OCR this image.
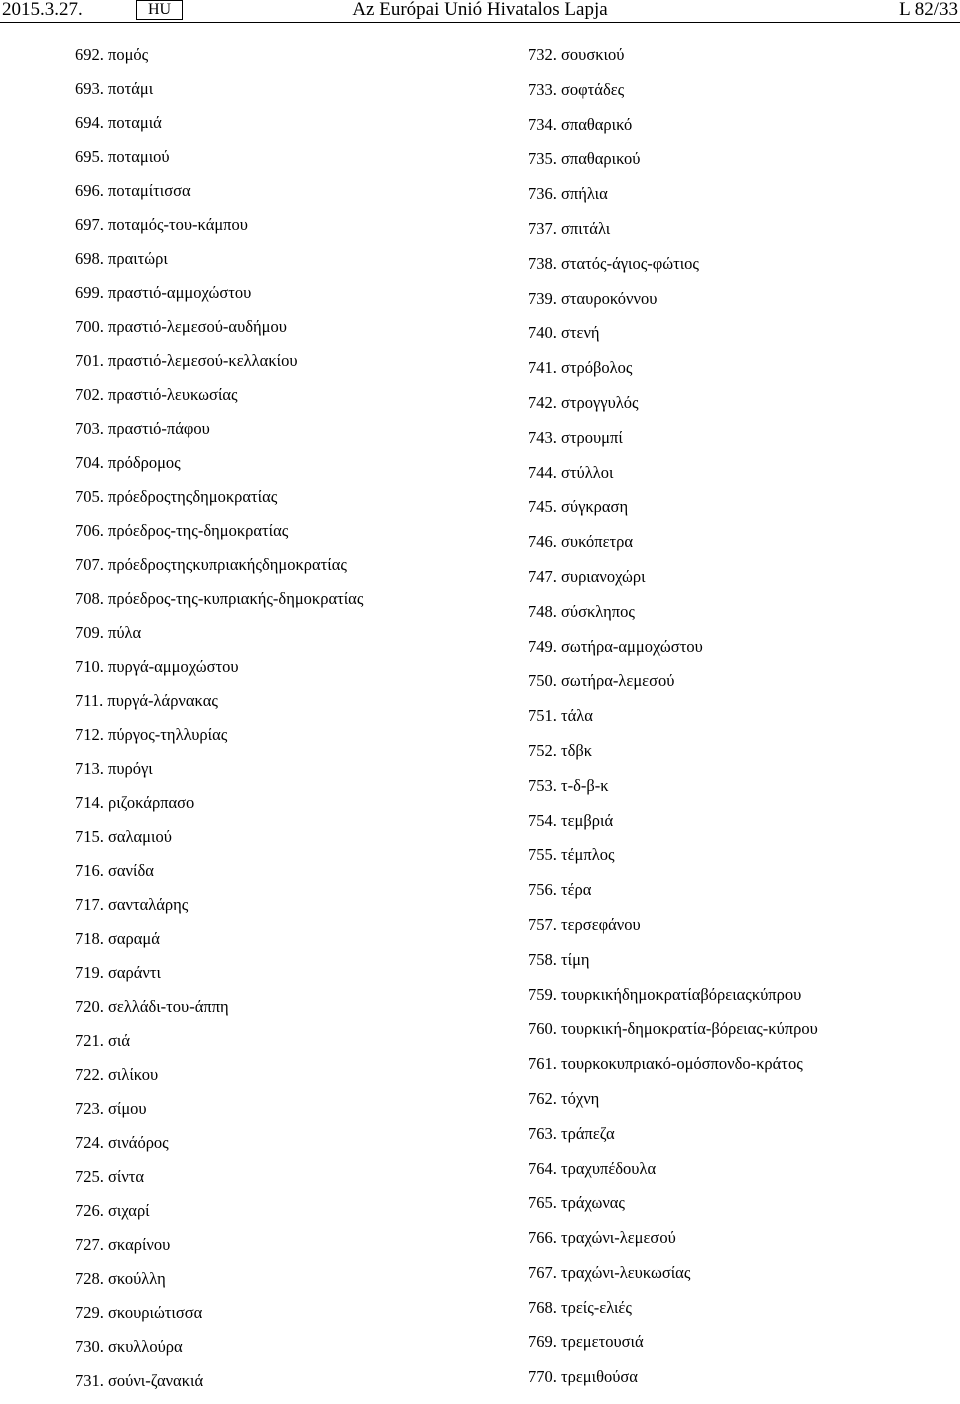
2015.3.27.	HU	Az Európai Unió Hivatalos Lapja	L 82/33
692. πομός
693. ποτάμι
694. ποταμιά
695. ποταμιού
696. ποταμίτισσα
697. ποταμός-του-κάμπου
698. πραιτώρι
699. πραστιό-αμμοχώστου
700. πραστιό-λεμεσού-αυδήμου
701. πραστιό-λεμεσού-κελλακίου
702. πραστιό-λευκωσίας
703. πραστιό-πάφου
704. πρόδρομος
705. πρόεδροςτηςδημοκρατίας
706. πρόεδρος-της-δημοκρατίας
707. πρόεδροςτηςκυπριακήςδημοκρατίας
708. πρόεδρος-της-κυπριακής-δημοκρατίας
709. πύλα
710. πυργά-αμμοχώστου
711. πυργά-λάρνακας
712. πύργος-τηλλυρίας
713. πυρόγι
714. ριζοκάρπασο
715. σαλαμιού
716. σανίδα
717. σανταλάρης
718. σαραμά
719. σαράντι
720. σελλάδι-του-άππη
721. σιά
722. σιλίκου
723. σίμου
724. σινάόρος
725. σίντα
726. σιχαρί
727. σκαρίνου
728. σκούλλη
729. σκουριώτισσα
730. σκυλλούρα
731. σούνι-ζανακιά
732. σουσκιού
733. σοφτάδες
734. σπαθαρικό
735. σπαθαρικού
736. σπήλια
737. σπιτάλι
738. στατός-άγιος-φώτιος
739. σταυροκόννου
740. στενή
741. στρόβολος
742. στρογγυλός
743. στρουμπί
744. στύλλοι
745. σύγκραση
746. συκόπετρα
747. συριανοχώρι
748. σύσκληπος
749. σωτήρα-αμμοχώστου
750. σωτήρα-λεμεσού
751. τάλα
752. τδβκ
753. τ-δ-β-κ
754. τεμβριά
755. τέμπλος
756. τέρα
757. τερσεφάνου
758. τίμη
759. τουρκικήδημοκρατίαβόρειαςκύπρου
760. τουρκική-δημοκρατία-βόρειας-κύπρου
761. τουρκοκυπριακό-ομόσπονδο-κράτος
762. τόχνη
763. τράπεζα
764. τραχυπέδουλα
765. τράχωνας
766. τραχώνι-λεμεσού
767. τραχώνι-λευκωσίας
768. τρείς-ελιές
769. τρεμετουσιά
770. τρεμιθούσα
